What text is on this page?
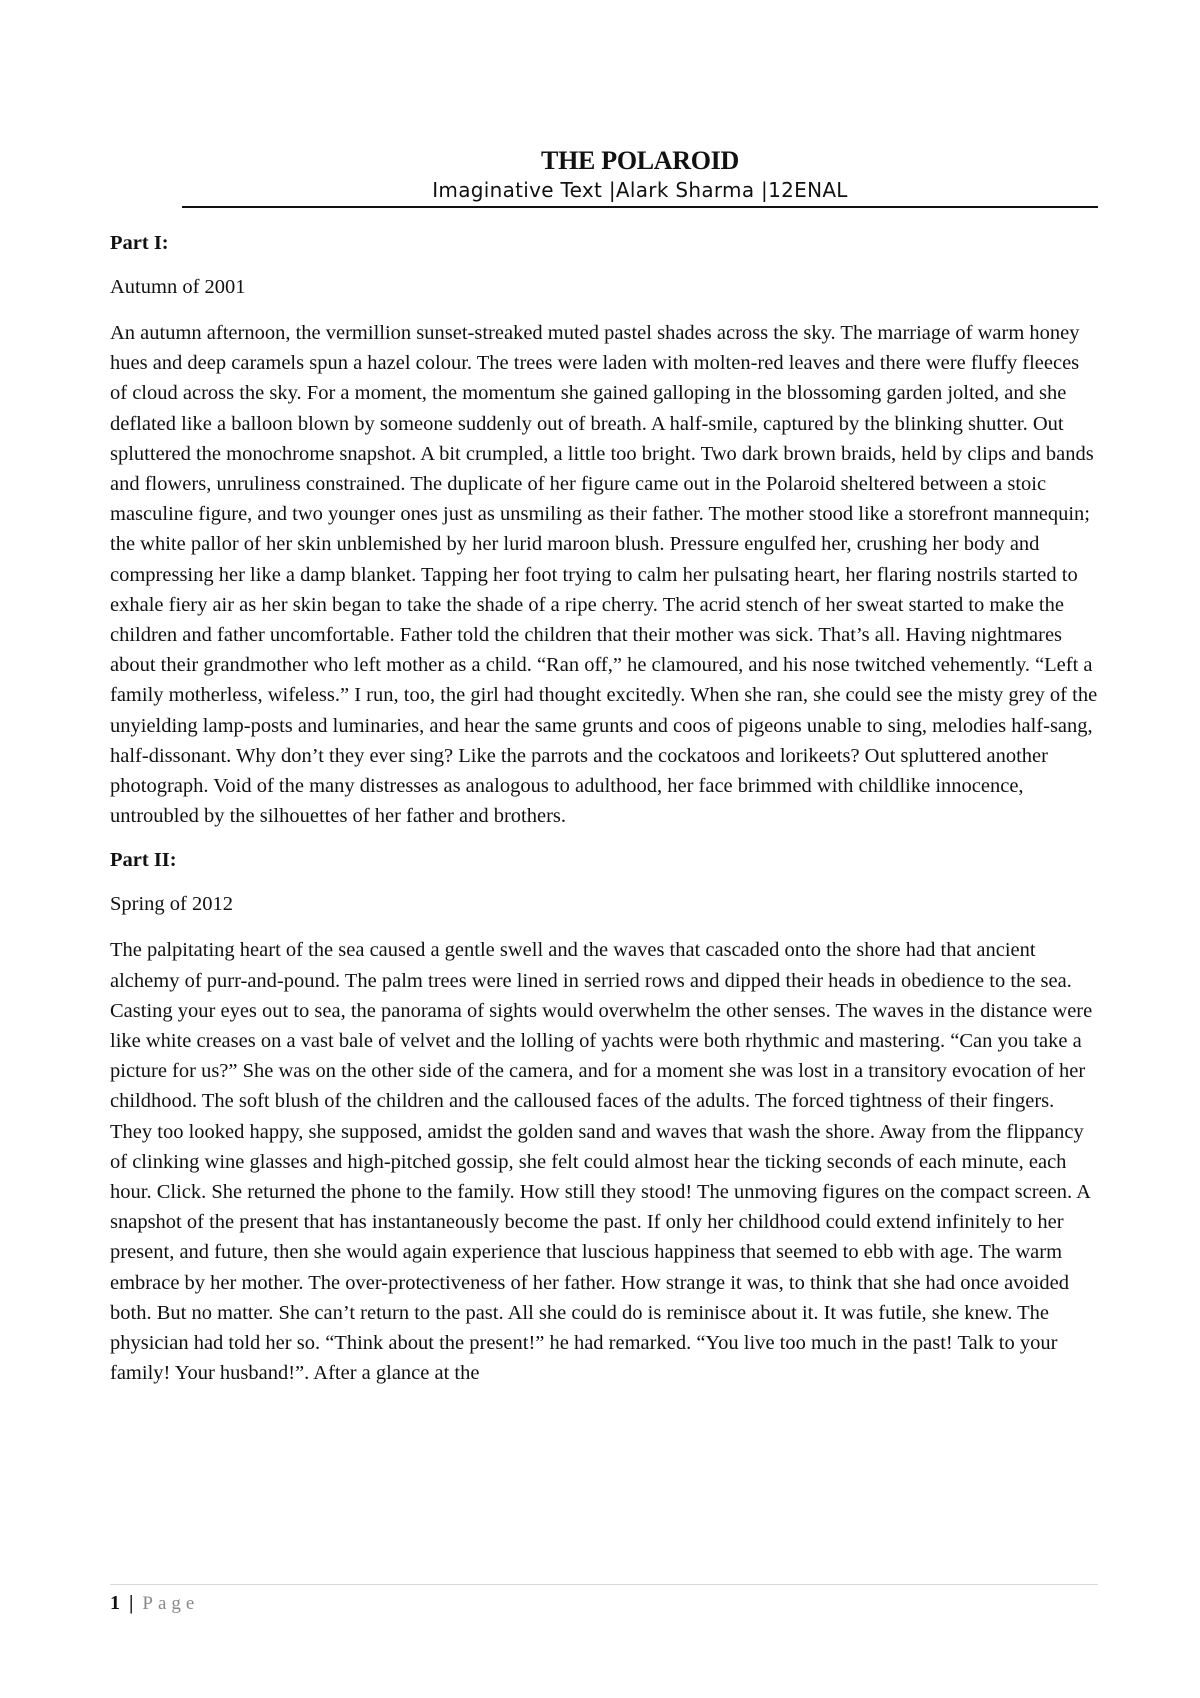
THE POLAROID
Imaginative Text |Alark Sharma |12ENAL
Part I:
Autumn of 2001

An autumn afternoon, the vermillion sunset-streaked muted pastel shades across the sky. The marriage of warm honey hues and deep caramels spun a hazel colour. The trees were laden with molten-red leaves and there were fluffy fleeces of cloud across the sky. For a moment, the momentum she gained galloping in the blossoming garden jolted, and she deflated like a balloon blown by someone suddenly out of breath. A half-smile, captured by the blinking shutter. Out spluttered the monochrome snapshot. A bit crumpled, a little too bright. Two dark brown braids, held by clips and bands and flowers, unruliness constrained. The duplicate of her figure came out in the Polaroid sheltered between a stoic masculine figure, and two younger ones just as unsmiling as their father. The mother stood like a storefront mannequin; the white pallor of her skin unblemished by her lurid maroon blush. Pressure engulfed her, crushing her body and compressing her like a damp blanket. Tapping her foot trying to calm her pulsating heart, her flaring nostrils started to exhale fiery air as her skin began to take the shade of a ripe cherry. The acrid stench of her sweat started to make the children and father uncomfortable. Father told the children that their mother was sick. That’s all. Having nightmares about their grandmother who left mother as a child. “Ran off,” he clamoured, and his nose twitched vehemently. “Left a family motherless, wifeless.” I run, too, the girl had thought excitedly. When she ran, she could see the misty grey of the unyielding lamp-posts and luminaries, and hear the same grunts and coos of pigeons unable to sing, melodies half-sang, half-dissonant. Why don’t they ever sing? Like the parrots and the cockatoos and lorikeets? Out spluttered another photograph. Void of the many distresses as analogous to adulthood, her face brimmed with childlike innocence, untroubled by the silhouettes of her father and brothers.

Part II:
Spring of 2012

The palpitating heart of the sea caused a gentle swell and the waves that cascaded onto the shore had that ancient alchemy of purr-and-pound. The palm trees were lined in serried rows and dipped their heads in obedience to the sea. Casting your eyes out to sea, the panorama of sights would overwhelm the other senses. The waves in the distance were like white creases on a vast bale of velvet and the lolling of yachts were both rhythmic and mastering. “Can you take a picture for us?” She was on the other side of the camera, and for a moment she was lost in a transitory evocation of her childhood. The soft blush of the children and the calloused faces of the adults. The forced tightness of their fingers. They too looked happy, she supposed, amidst the golden sand and waves that wash the shore. Away from the flippancy of clinking wine glasses and high-pitched gossip, she felt could almost hear the ticking seconds of each minute, each hour. Click. She returned the phone to the family. How still they stood! The unmoving figures on the compact screen. A snapshot of the present that has instantaneously become the past. If only her childhood could extend infinitely to her present, and future, then she would again experience that luscious happiness that seemed to ebb with age. The warm embrace by her mother. The over-protectiveness of her father. How strange it was, to think that she had once avoided both. But no matter. She can’t return to the past. All she could do is reminisce about it. It was futile, she knew. The physician had told her so. “Think about the present!” he had remarked. “You live too much in the past! Talk to your family! Your husband!”. After a glance at the

1 | Page
